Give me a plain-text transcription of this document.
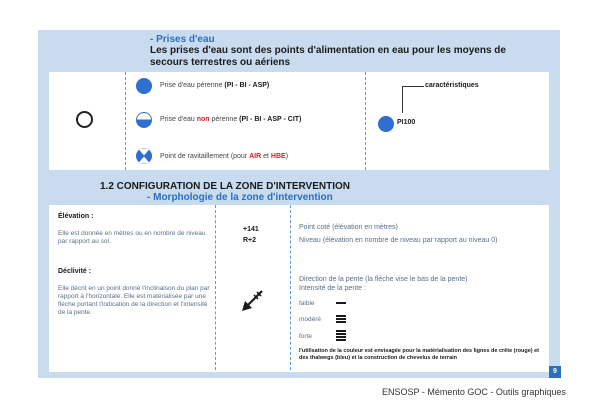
- Prises d'eau
Les prises d'eau sont des points d'alimentation en eau pour les moyens de secours terrestres ou aériens
Prise d'eau pérenne (PI - BI - ASP)
Prise d'eau non pérenne (PI - BI - ASP - CIT)
Point de ravitaillement (pour AIR et HBE)
caractéristiques
PI100
1.2 CONFIGURATION DE LA ZONE D'INTERVENTION
- Morphologie de la zone d'intervention
Élévation :
Elle est donnée en mètres ou en nombre de niveau par rapport au sol.
+141
R+2
Point coté (élévation en mètres)
Niveau (élévation en nombre de niveau par rapport au niveau 0)
Déclivité :
Elle décrit en un point donné l'inclinaison du plan par rapport à l'horizontale. Elle est matérialisée par une flèche portant l'indication de la direction et l'intensité de la pente.
Direction de la pente (la flèche vise le bas de la pente)
Intensité de la pente :
faible
modéré
forte
l'utilisation de la couleur est envisagée pour la matérialisation des lignes de crête (rouge) et des thalwegs (bleu) et la construction de chevelus de terrain
9
ENSOSP - Mémento GOC - Outils graphiques
